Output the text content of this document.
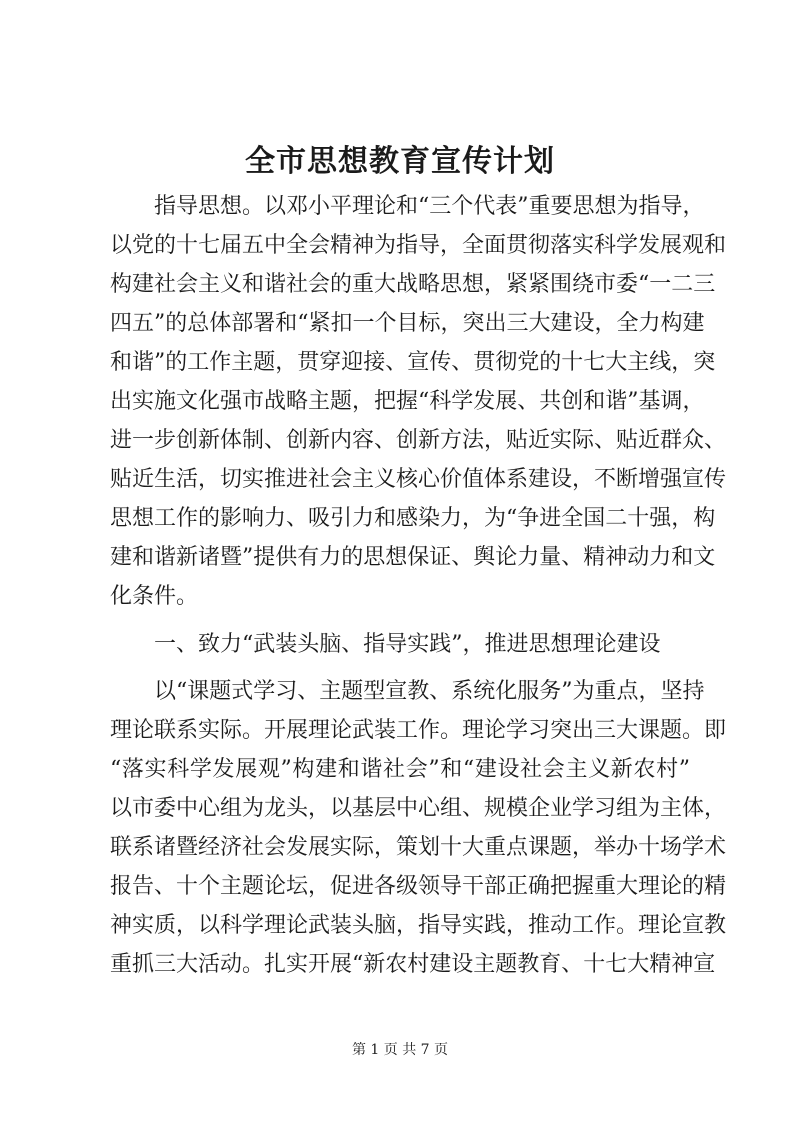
全市思想教育宣传计划

指导思想。以邓小平理论和“三个代表”重要思想为指导，

以党的十七届五中全会精神为指导，全面贯彻落实科学发展观和

构建社会主义和谐社会的重大战略思想，紧紧围绕市委“一二三

四五”的总体部署和“紧扣一个目标，突出三大建设，全力构建

和谐”的工作主题，贯穿迎接、宣传、贯彻党的十七大主线，突

出实施文化强市战略主题，把握“科学发展、共创和谐”基调，

进一步创新体制、创新内容、创新方法，贴近实际、贴近群众、

贴近生活，切实推进社会主义核心价值体系建设，不断增强宣传

思想工作的影响力、吸引力和感染力，为“争进全国二十强，构

建和谐新诸暨”提供有力的思想保证、舆论力量、精神动力和文

化条件。

一、致力“武装头脑、指导实践”，推进思想理论建设

以“课题式学习、主题型宣教、系统化服务”为重点，坚持

理论联系实际。开展理论武装工作。理论学习突出三大课题。即

“落实科学发展观”构建和谐社会”和“建设社会主义新农村”

以市委中心组为龙头，以基层中心组、规模企业学习组为主体，

联系诸暨经济社会发展实际，策划十大重点课题，举办十场学术

报告、十个主题论坛，促进各级领导干部正确把握重大理论的精

神实质，以科学理论武装头脑，指导实践，推动工作。理论宣教

重抓三大活动。扎实开展“新农村建设主题教育、十七大精神宣

第 1 页 共 7 页
